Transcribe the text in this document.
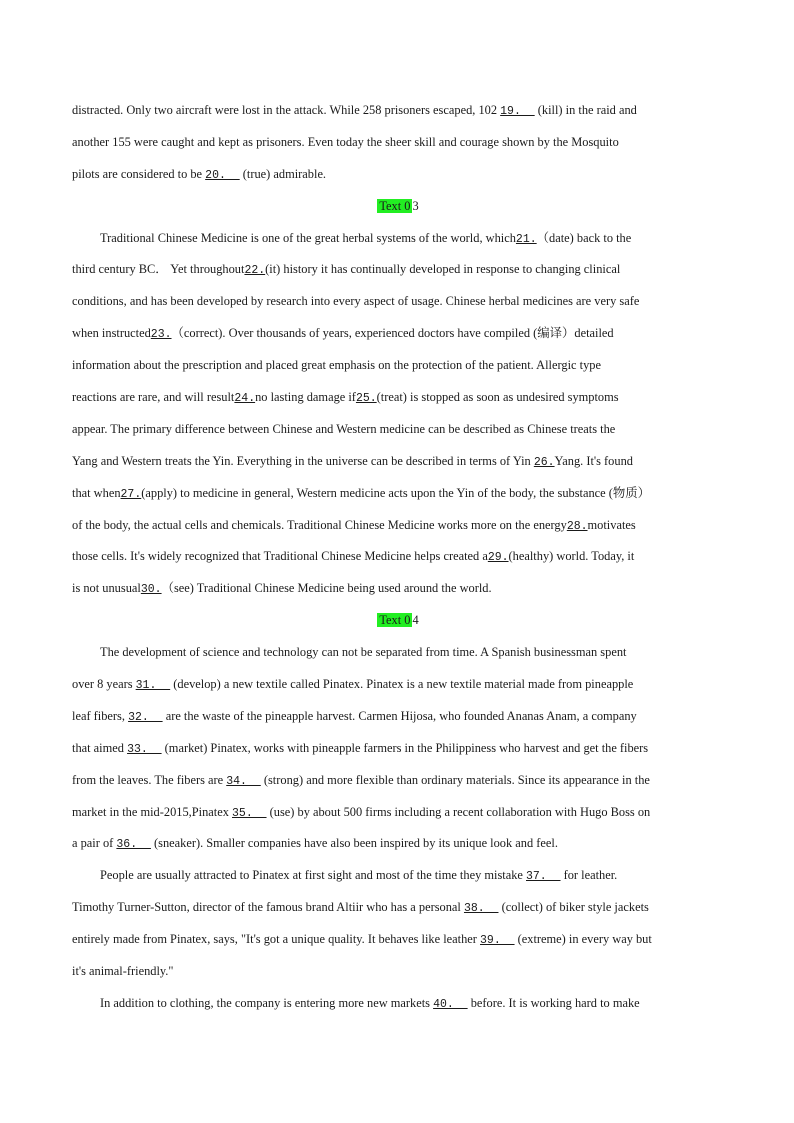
distracted. Only two aircraft were lost in the attack. While 258 prisoners escaped, 102 19.   (kill) in the raid and
another 155 were caught and kept as prisoners. Even today the sheer skill and courage shown by the Mosquito
pilots are considered to be 20.   (true) admirable.
Text 0 3
Traditional Chinese Medicine is one of the great herbal systems of the world, which21.（date) back to the
third century BC． Yet throughout22.(it) history it has continually developed in response to changing clinical
conditions, and has been developed by research into every aspect of usage. Chinese herbal medicines are very safe
when instructed23.（correct). Over thousands of years, experienced doctors have compiled (编译）detailed
information about the prescription and placed great emphasis on the protection of the patient. Allergic type
reactions are rare, and will result24.no lasting damage if25.(treat) is stopped as soon as undesired symptoms
appear. The primary difference between Chinese and Western medicine can be described as Chinese treats the
Yang and Western treats the Yin. Everything in the universe can be described in terms of Yin 26.Yang. It's found
that when27.(apply) to medicine in general, Western medicine acts upon the Yin of the body, the substance (物质）
of the body, the actual cells and chemicals. Traditional Chinese Medicine works more on the energy28.motivates
those cells. It's widely recognized that Traditional Chinese Medicine helps created a29.(healthy) world. Today, it
is not unusual30.（see) Traditional Chinese Medicine being used around the world.
Text 0 4
The development of science and technology can not be separated from time. A Spanish businessman spent
over 8 years 31.   (develop) a new textile called Pinatex. Pinatex is a new textile material made from pineapple
leaf fibers, 32.   are the waste of the pineapple harvest. Carmen Hijosa, who founded Ananas Anam, a company
that aimed 33.   (market) Pinatex, works with pineapple farmers in the Philippiness who harvest and get the fibers
from the leaves. The fibers are 34.   (strong) and more flexible than ordinary materials. Since its appearance in the
market in the mid-2015,Pinatex 35.   (use) by about 500 firms including a recent collaboration with Hugo Boss on
a pair of 36.   (sneaker). Smaller companies have also been inspired by its unique look and feel.
People are usually attracted to Pinatex at first sight and most of the time they mistake 37.   for leather.
Timothy Turner-Sutton, director of the famous brand Altiir who has a personal 38.   (collect) of biker style jackets
entirely made from Pinatex, says, "It's got a unique quality. It behaves like leather 39.   (extreme) in every way but
it's animal-friendly."
In addition to clothing, the company is entering more new markets 40.   before. It is working hard to make
